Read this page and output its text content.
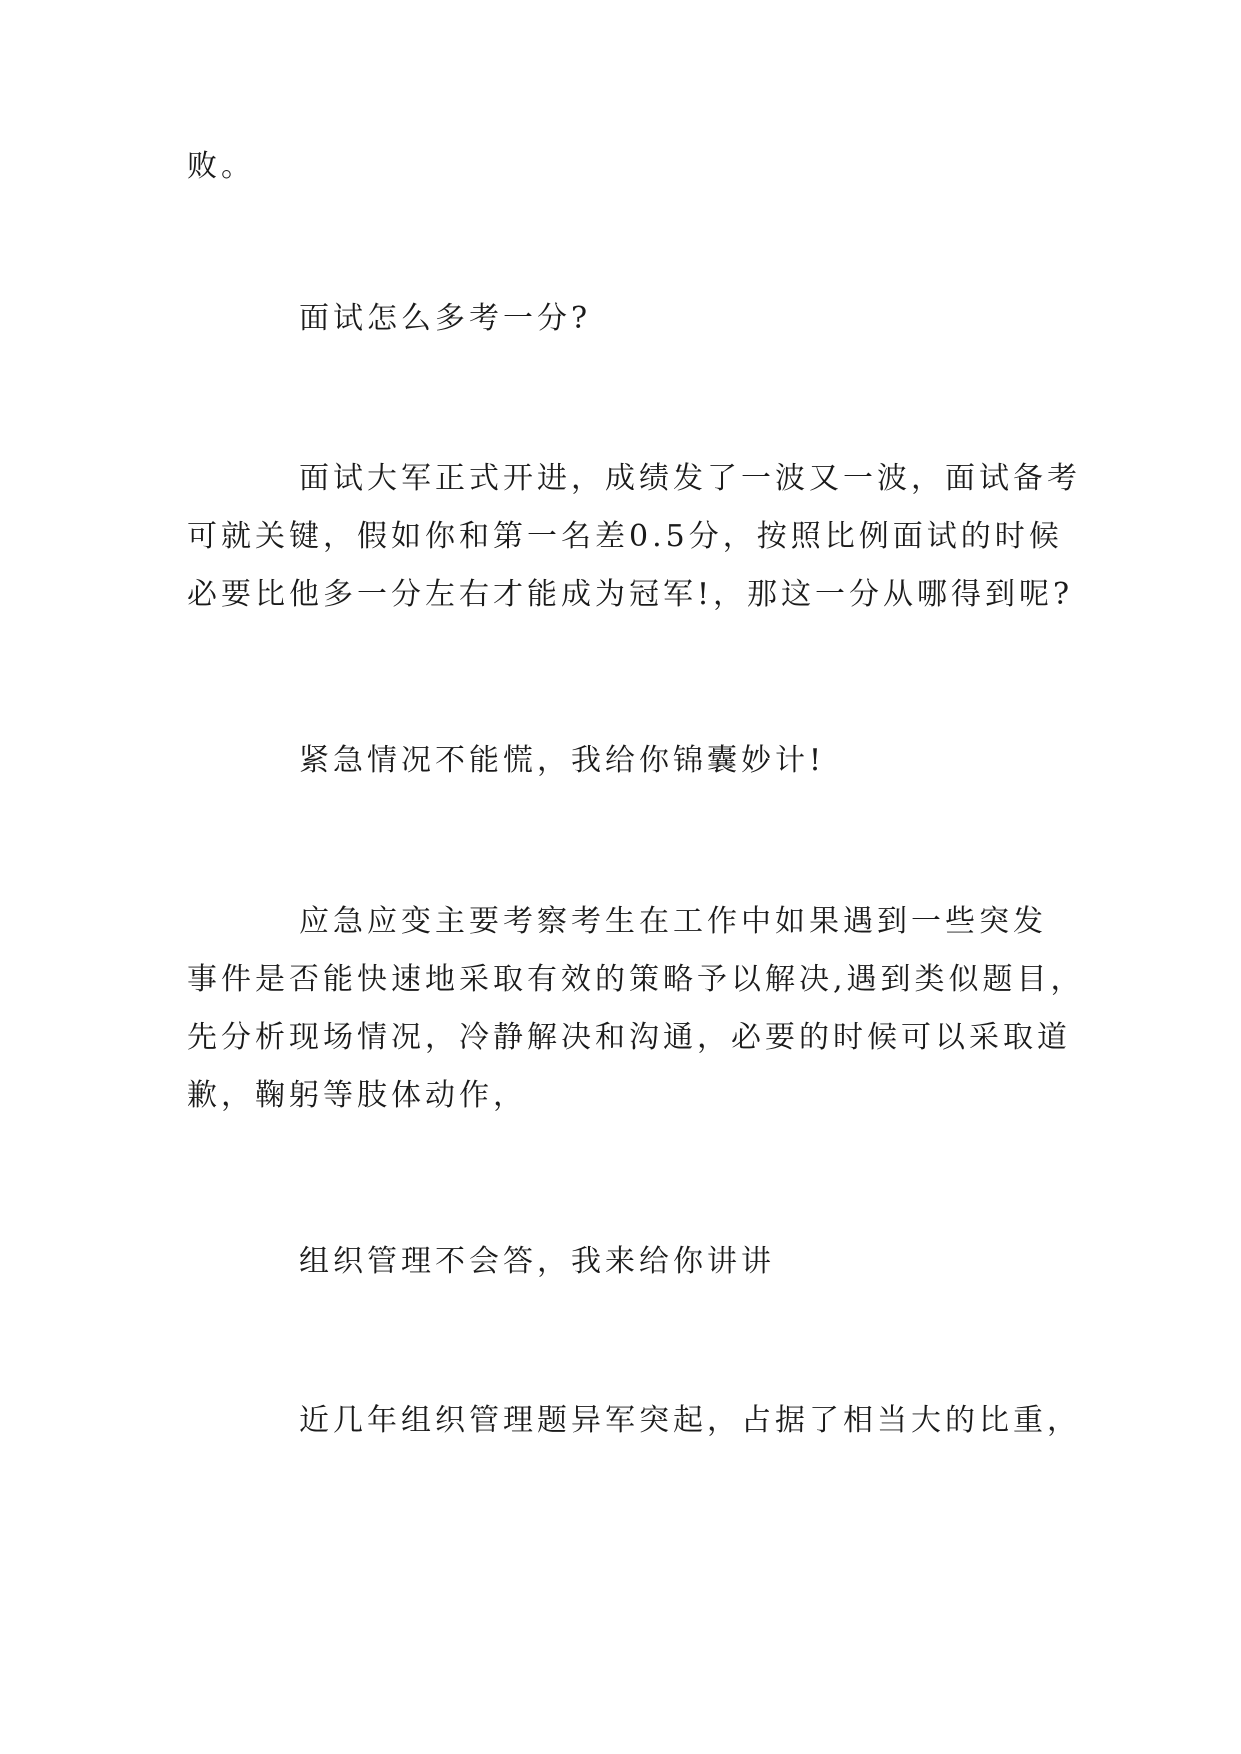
败。

面试怎么多考一分?

面试大军正式开进，成绩发了一波又一波，面试备考
可就关键，假如你和第一名差0.5分，按照比例面试的时候
必要比他多一分左右才能成为冠军!，那这一分从哪得到呢?

紧急情况不能慌，我给你锦囊妙计!

应急应变主要考察考生在工作中如果遇到一些突发
事件是否能快速地采取有效的策略予以解决,遇到类似题目，
先分析现场情况，冷静解决和沟通，必要的时候可以采取道
歉，鞠躬等肢体动作，

组织管理不会答，我来给你讲讲

近几年组织管理题异军突起，占据了相当大的比重，
